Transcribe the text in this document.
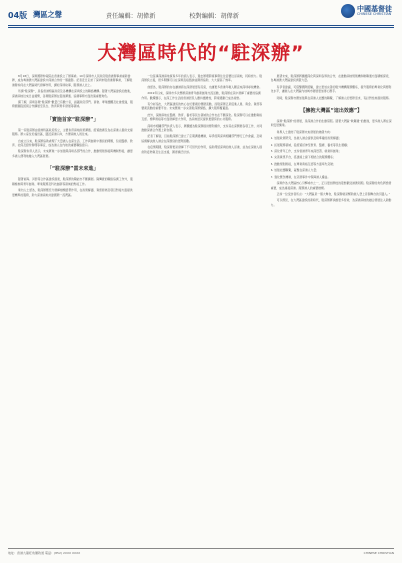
04版 灣區之聲	責任編輯：胡偉新	校對編輯：胡偉新
中國基督徒
CHINESE CHRISTIAN
大灣區時代的“駐深辦”

8月18日，深圳國際仲裁院在香港設立了辦事處。10月深圳市人民政府駐香港辦事處重新掛牌，成為粵港澳大灣區建設中深港合作的一個縮影。記者近日走訪了深圳市駐香港辦事處，了解駐港辦如何在大灣區時代發揮作用，講好深圳故事，服務港人北上。

所謂“駐深辦”，是指香港特區政府及各機構在深圳設立的聯絡機構。隨著大灣區建設的推進，深港兩地往來日益頻繁，各類駐深辦在促進溝通、協調事務方面扮演重要角色。

據了解，深圳各類“駐深辦”數量已有數十家，涵蓋政府部門、商會、專業團體及社會組織，服務範圍從經貿合作擴展至民生、教育與青年發展等領域。

「實施首家“駐深辦”」

第一家駐深辦由香港特區政府設立，主要負責兩地政策溝通、經貿推廣及為在深港人提供支援服務。辦公室位於福田區，臨近深港口岸，方便兩地人員往來。

自成立以來，駐深辦協助處理了大量港人在深生活、工作與創業中遇到的問題，包括醫療、教育、社保及證件辦理等事宜，成為港人在內地的重要聯絡窗口。

駐深辦負責人表示，未來將進一步加強與深圳各部門的合作，推動規則銜接與機制對接，讓更多港人便利地融入大灣區發展。

「“駐深辦”當未來進」

隨著前海、河套等合作區建設提速，駐深辦的職能亦不斷擴展。除傳統的聯絡協調工作外，還積極參與青年創業、專業服務及科技創新等領域的對接工作。

業內人士認為，駐深辦應充分發揮橋樑紐帶作用，在政策解讀、資訊發佈及項目對接方面提供更精準的服務，助力深港兩地共建國際一流灣區。

一位從事深港兩地貿易多年的商人表示，過去辦理跨境事務往往需要往返兩地，耗時費力。駐深辦設立後，很多問題可以在深圳直接諮詢並獲得協助，大大提高了效率。

他認為，駐深辦的存在讓港商在深發展更有底氣，也讓更多香港年輕人願意來深圳尋找機會。

2019年以來，深圳市多次舉辦深港青年創新創業交流活動，駐深辦在其中發揮了重要的協調作用。數據顯示，在深工作生活的香港居民人數持續增加，跨境通勤已成為常態。

有分析指出，大灣區建設的核心在於要素的便捷流動，而駐深辦正是促進人員、資金、資訊等要素流動的重要平台。未來應進一步完善駐深辦網絡，擴大服務覆蓋面。

此外，深港兩地在醫療、教育、養老等民生領域的合作也在不斷深化。駐深辦可以在推動資格互認、標準銜接等方面發揮更大作用，為兩地居民提供更優質的公共服務。

深圳市相關部門負責人表示，將繼續為駐深辦提供便利條件，支持其在深開展各項工作，共同推動深港合作邁上新台階。

記者了解到，目前駐深辦已建立了定期溝通機制，每季度與深圳相關部門舉行工作會議，及時協調解決港人港企在深遇到的實際困難。

在疫情期間，駐深辦更是發揮了不可替代的作用，協助滯留深圳的港人返港，並為在深港人提供防疫物資及生活支援，獲得廣泛好評。

展望未來，駐深辦將繼續深化與深圳各界的合作，在推動兩地規則機制軟聯通方面積極探索，為粵港澳大灣區建設貢獻力量。

有學者建議，可借鑒國際經驗，建立更加完善的駐外機構服務體系，提升服務的專業化與便利化水平，讓港人在大灣區內地城市發展更加得心應手。

同時，駐深辦亦應加強與在深港人社團的聯繫，了解港人的實際需求，有針對性地提供服務。

【擁抱大灣區“這出效應”】

深圳“駐深辦”的發展，是深港合作的生動寫照。隨著大灣區“軟聯通”的推進，更多港人將在深圳安居樂業。

業界人士總結了駐深辦未來發展的幾個方向：

1. 加強政策研究，為港人港企提供及時準確的政策解讀；

2. 拓展服務領域，從經貿延伸至教育、醫療、養老等民生範疇；

3. 深化青年工作，支持香港青年來深實習、就業和創業；

4. 完善資訊平台，搭建線上線下相結合的服務體系；

5. 推動規則銜接，在專業資格互認等方面率先突破；

6. 加強社團聯繫，凝聚在深港人力量；

7. 強化應急機制，在突發事件中保障港人權益。

深圳作為大灣區核心引擎城市之一，正以更加開放的姿態歡迎港澳同胞。駐深辦的角色將愈發重要，成為連接深港、服務港人的重要橋樑。

正如一位受訪者所言：“大灣區是一個大舞台，駐深辦就是幫助港人登上這個舞台的引路人。”

可以預見，在大灣區建設的新時代，駐深辦將承擔更多使命，為深港兩地的融合發展注入新動力。

地址：香港九龍旺角彌敦道 電話：(852) 2XXX XXXX	CHINESE CHRISTIAN
